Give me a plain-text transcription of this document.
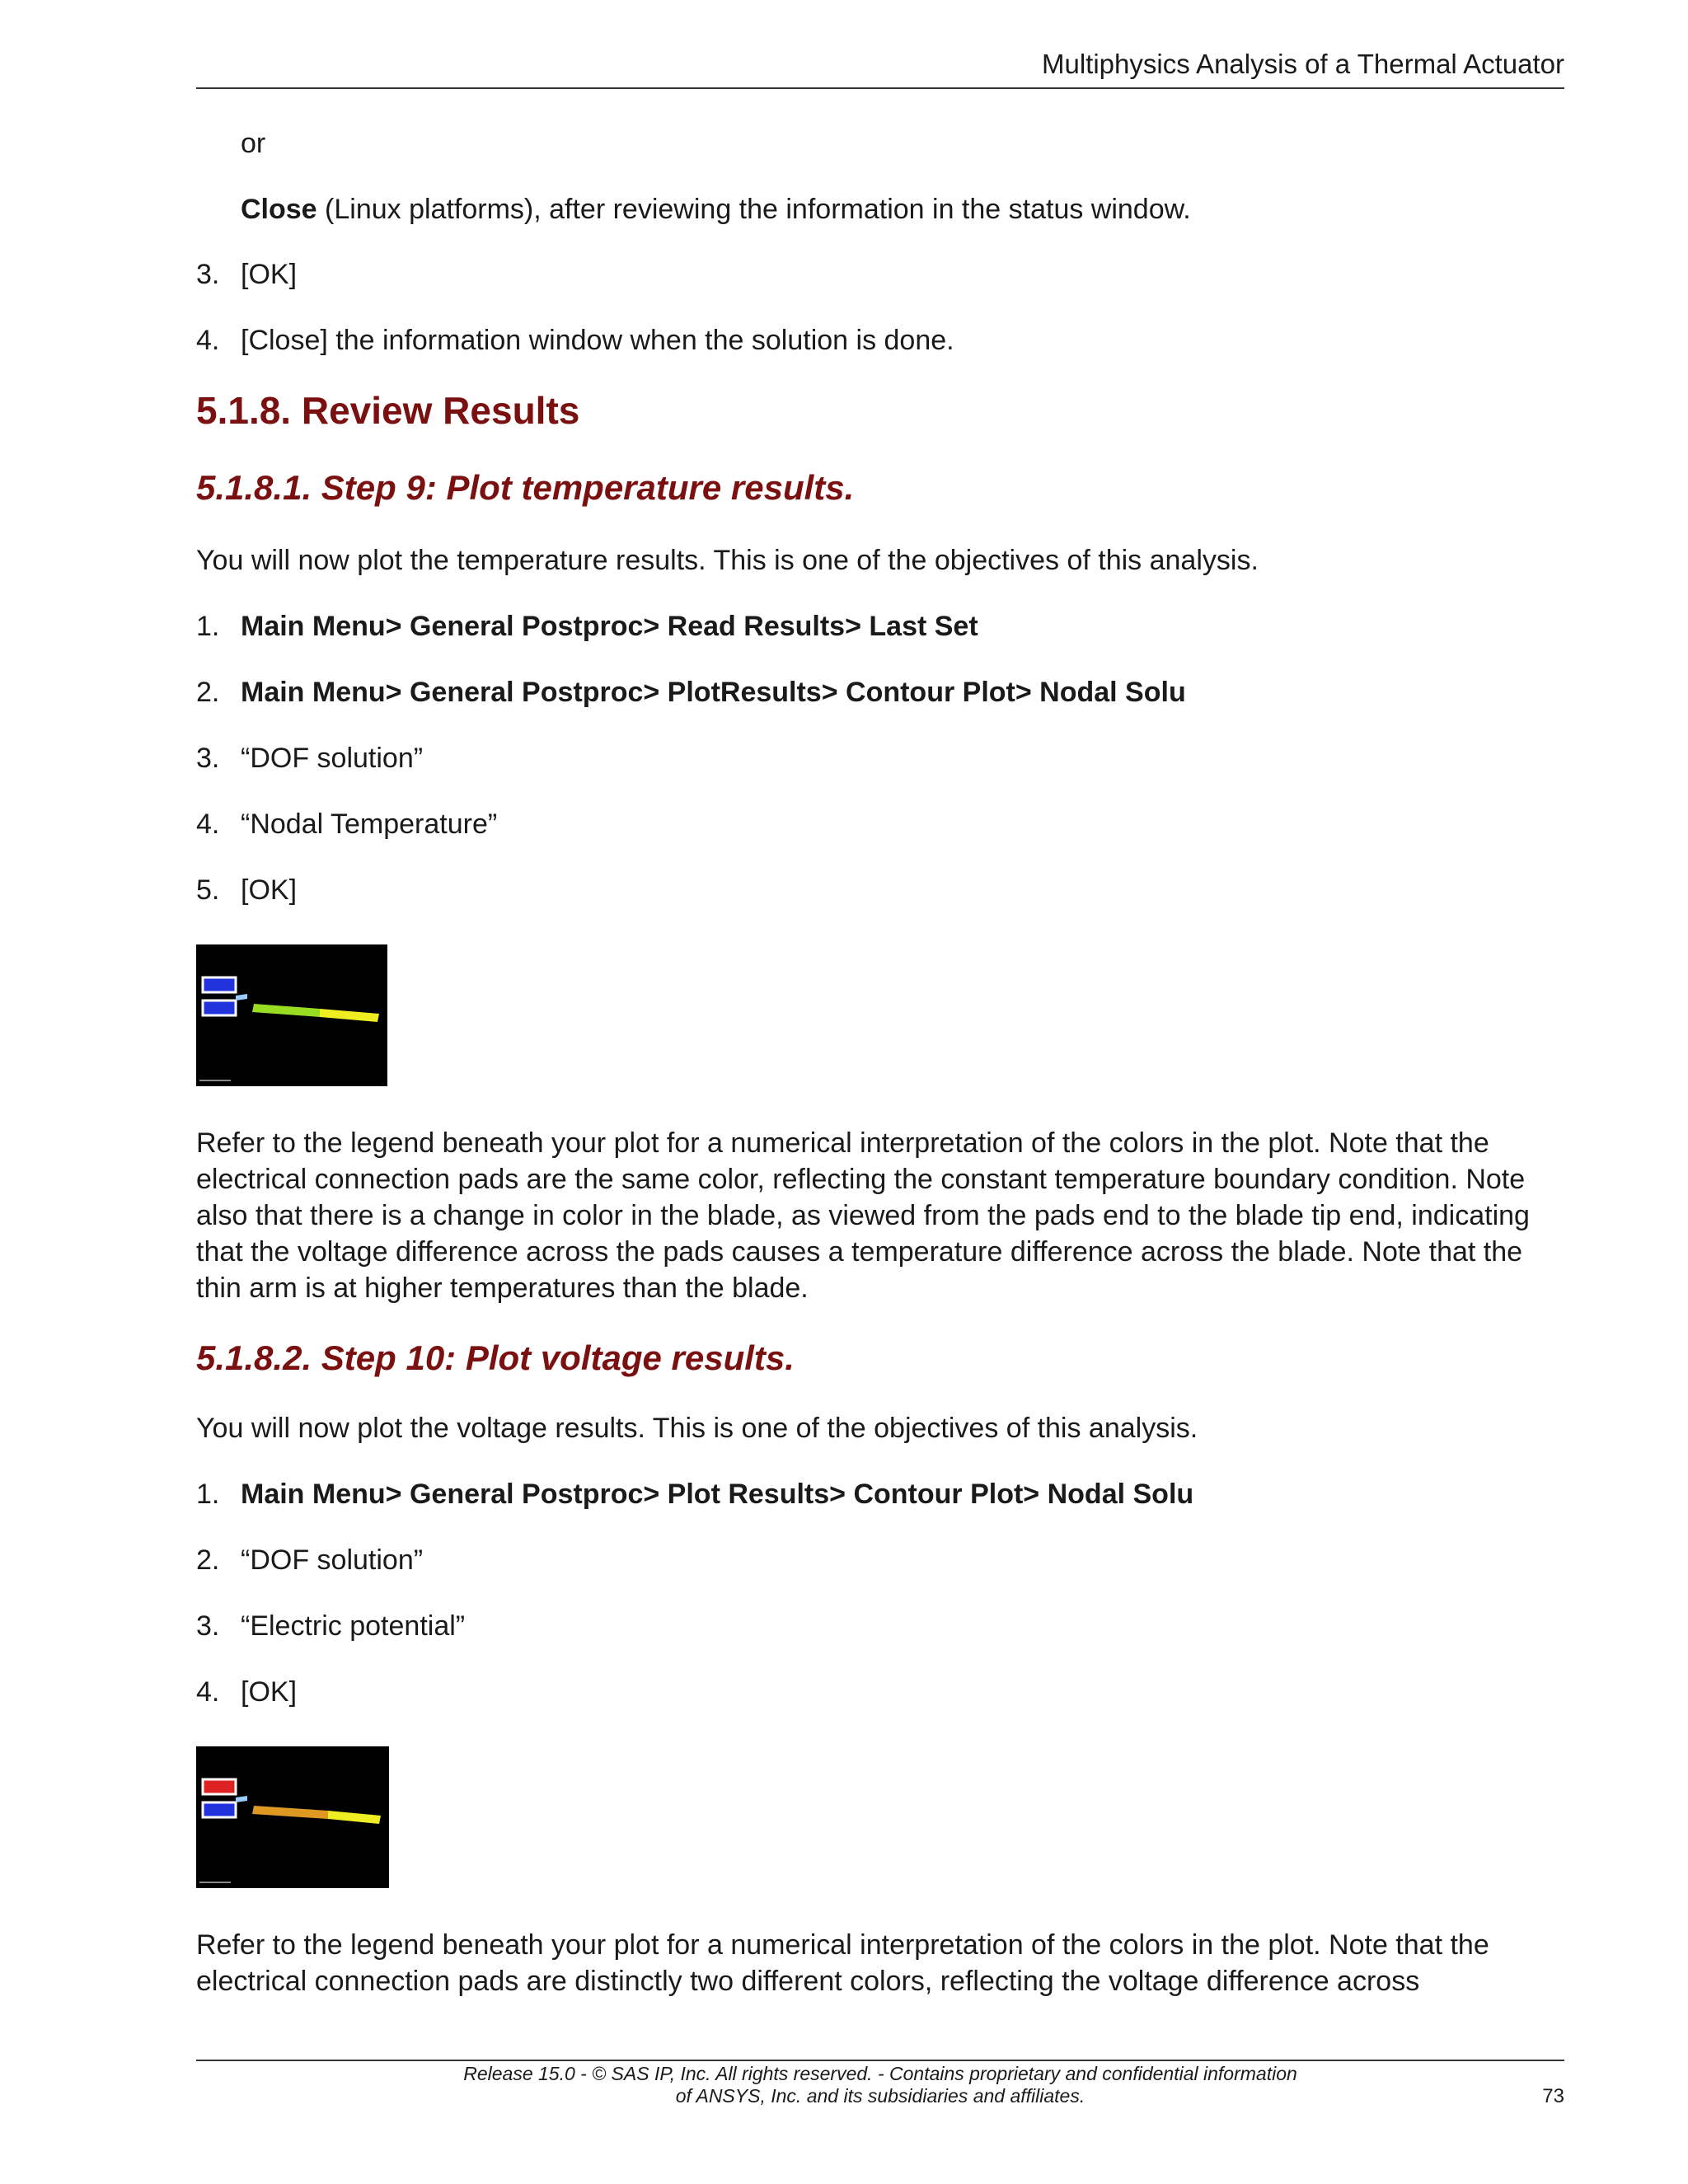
Multiphysics Analysis of a Thermal Actuator

or

Close (Linux platforms), after reviewing the information in the status window.

3. [OK]
4. [Close] the information window when the solution is done.
5.1.8. Review Results
5.1.8.1. Step 9: Plot temperature results.

You will now plot the temperature results. This is one of the objectives of this analysis.

1. Main Menu> General Postproc> Read Results> Last Set
2. Main Menu> General Postproc> PlotResults> Contour Plot> Nodal Solu
3. “DOF solution”
4. “Nodal Temperature”
5. [OK]

Refer to the legend beneath your plot for a numerical interpretation of the colors in the plot. Note that the electrical connection pads are the same color, reflecting the constant temperature boundary condition. Note also that there is a change in color in the blade, as viewed from the pads end to the blade tip end, indicating that the voltage difference across the pads causes a temperature difference across the blade. Note that the thin arm is at higher temperatures than the blade.

5.1.8.2. Step 10: Plot voltage results.

You will now plot the voltage results. This is one of the objectives of this analysis.

1. Main Menu> General Postproc> Plot Results> Contour Plot> Nodal Solu
2. “DOF solution”
3. “Electric potential”
4. [OK]

Refer to the legend beneath your plot for a numerical interpretation of the colors in the plot. Note that the electrical connection pads are distinctly two different colors, reflecting the voltage difference across

Release 15.0 - © SAS IP, Inc. All rights reserved. - Contains proprietary and confidential information
of ANSYS, Inc. and its subsidiaries and affiliates.	73
